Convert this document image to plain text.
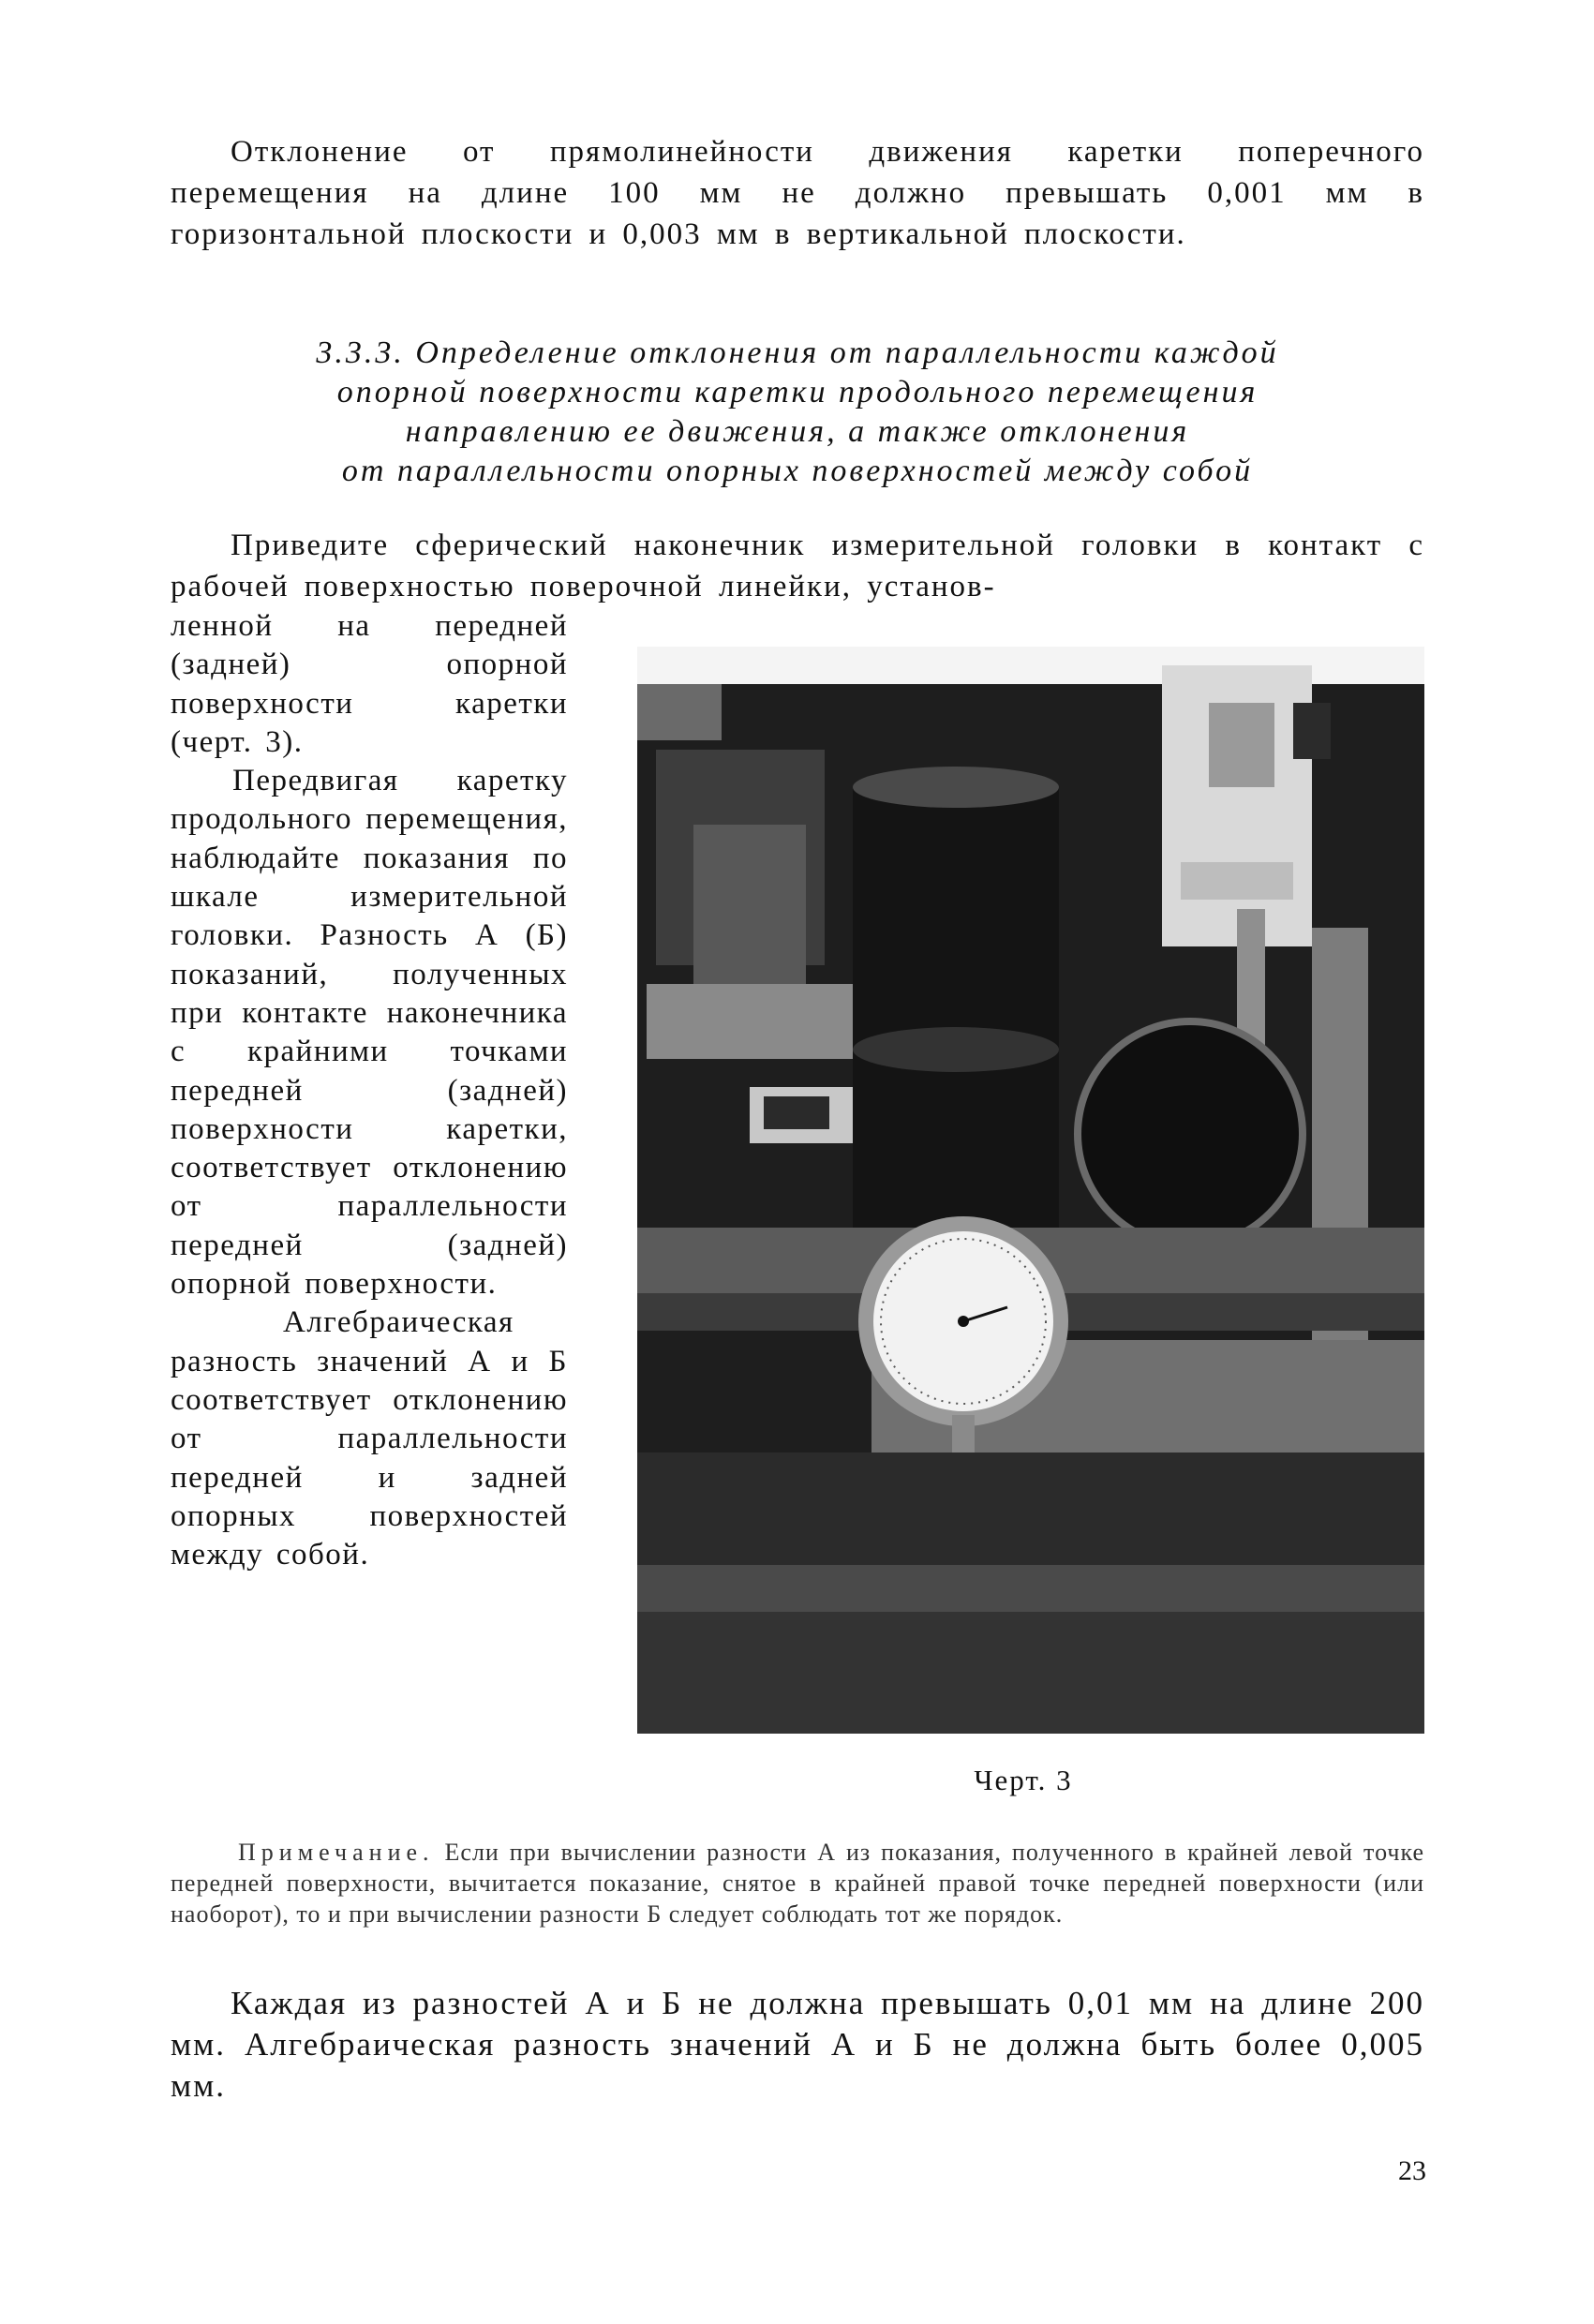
Отклонение от прямолинейности движения каретки поперечного перемещения на длине 100 мм не должно превышать 0,001 мм в горизонтальной плоскости и 0,003 мм в вертикальной плоскости.

3.3.3. Определение отклонения от параллельности каждой
опорной поверхности каретки продольного перемещения
направлению ее движения, а также отклонения
от параллельности опорных поверхностей между собой

Приведите сферический наконечник измерительной головки в контакт с рабочей поверхностью поверочной линейки, установ-

ленной на передней (задней) опорной поверхности каретки (черт. 3).

Передвигая каретку продольного перемещения, наблюдайте показания по шкале измерительной головки. Разность А (Б) показаний, полученных при контакте наконечника с крайними точками передней (задней) поверхности каретки, соответствует отклонению от параллельности передней (задней) опорной поверхности.

Алгебраическая разность значений А и Б соответствует отклонению от параллельности передней и задней опорных поверхностей между собой.

Черт. 3

Примечание. Если при вычислении разности А из показания, полученного в крайней левой точке передней поверхности, вычитается показание, снятое в крайней правой точке передней поверхности (или наоборот), то и при вычислении разности Б следует соблюдать тот же порядок.

Каждая из разностей А и Б не должна превышать 0,01 мм на длине 200 мм. Алгебраическая разность значений А и Б не должна быть более 0,005 мм.

23
